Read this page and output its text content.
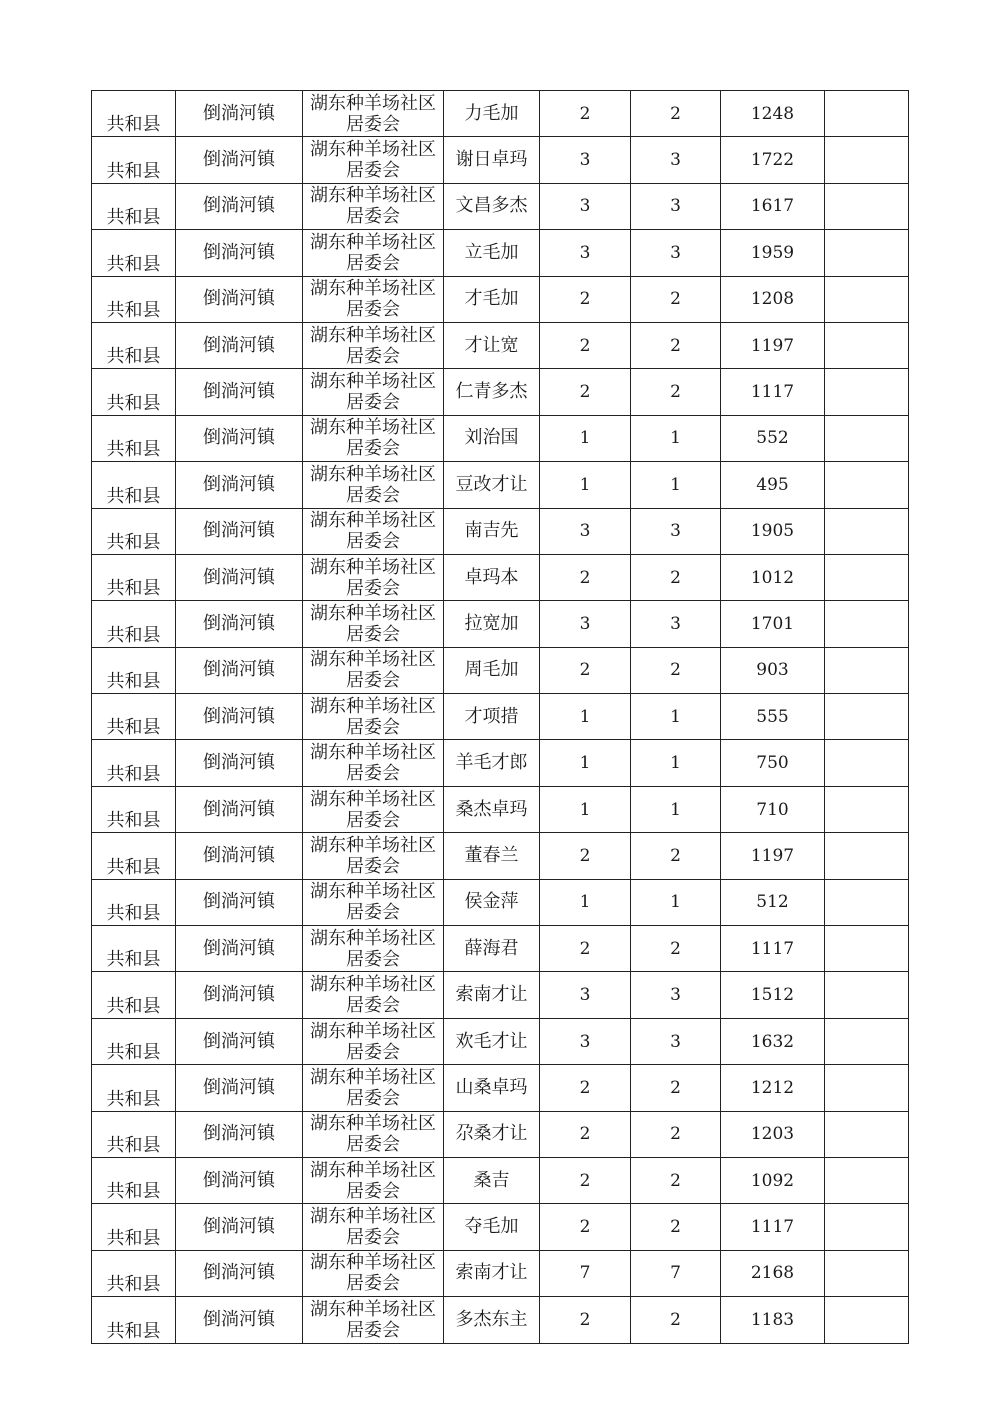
共和县	倒淌河镇	湖东种羊场社区居委会	力毛加	2	2	1248	
共和县	倒淌河镇	湖东种羊场社区居委会	谢日卓玛	3	3	1722	
共和县	倒淌河镇	湖东种羊场社区居委会	文昌多杰	3	3	1617	
共和县	倒淌河镇	湖东种羊场社区居委会	立毛加	3	3	1959	
共和县	倒淌河镇	湖东种羊场社区居委会	才毛加	2	2	1208	
共和县	倒淌河镇	湖东种羊场社区居委会	才让宽	2	2	1197	
共和县	倒淌河镇	湖东种羊场社区居委会	仁青多杰	2	2	1117	
共和县	倒淌河镇	湖东种羊场社区居委会	刘治国	1	1	552	
共和县	倒淌河镇	湖东种羊场社区居委会	豆改才让	1	1	495	
共和县	倒淌河镇	湖东种羊场社区居委会	南吉先	3	3	1905	
共和县	倒淌河镇	湖东种羊场社区居委会	卓玛本	2	2	1012	
共和县	倒淌河镇	湖东种羊场社区居委会	拉宽加	3	3	1701	
共和县	倒淌河镇	湖东种羊场社区居委会	周毛加	2	2	903	
共和县	倒淌河镇	湖东种羊场社区居委会	才项措	1	1	555	
共和县	倒淌河镇	湖东种羊场社区居委会	羊毛才郎	1	1	750	
共和县	倒淌河镇	湖东种羊场社区居委会	桑杰卓玛	1	1	710	
共和县	倒淌河镇	湖东种羊场社区居委会	董春兰	2	2	1197	
共和县	倒淌河镇	湖东种羊场社区居委会	侯金萍	1	1	512	
共和县	倒淌河镇	湖东种羊场社区居委会	薛海君	2	2	1117	
共和县	倒淌河镇	湖东种羊场社区居委会	索南才让	3	3	1512	
共和县	倒淌河镇	湖东种羊场社区居委会	欢毛才让	3	3	1632	
共和县	倒淌河镇	湖东种羊场社区居委会	山桑卓玛	2	2	1212	
共和县	倒淌河镇	湖东种羊场社区居委会	尕桑才让	2	2	1203	
共和县	倒淌河镇	湖东种羊场社区居委会	桑吉	2	2	1092	
共和县	倒淌河镇	湖东种羊场社区居委会	夺毛加	2	2	1117	
共和县	倒淌河镇	湖东种羊场社区居委会	索南才让	7	7	2168	
共和县	倒淌河镇	湖东种羊场社区居委会	多杰东主	2	2	1183	
